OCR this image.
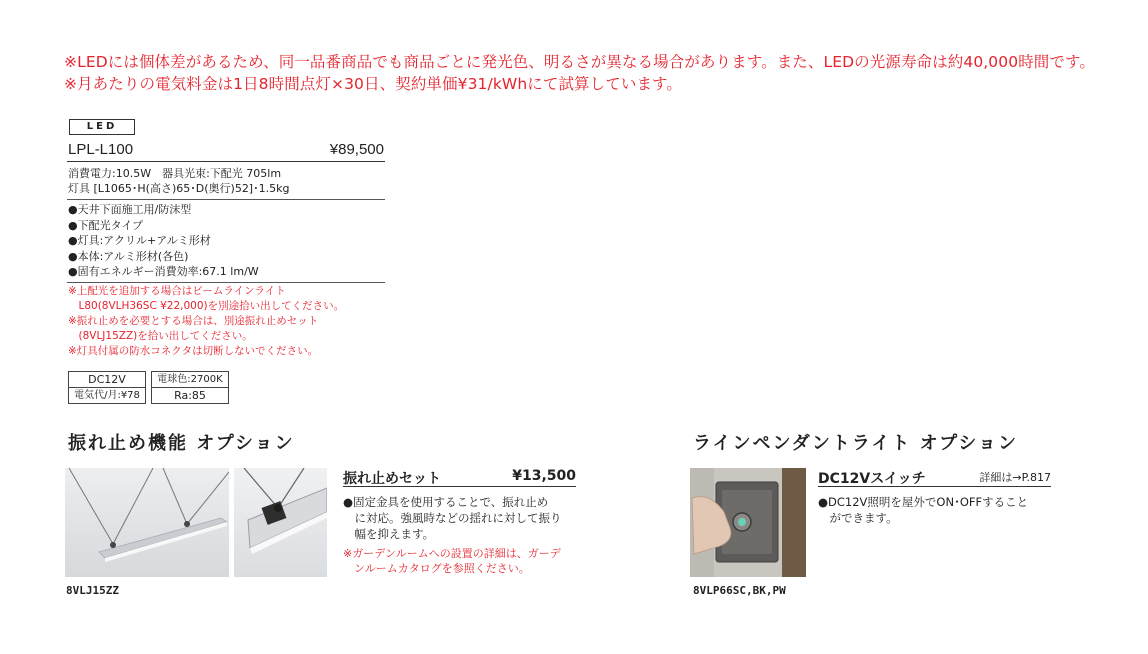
※LEDには個体差があるため、同一品番商品でも商品ごとに発光色、明るさが異なる場合があります。また、LEDの光源寿命は約40,000時間です。
※月あたりの電気料金は1日8時間点灯×30日、契約単価¥31/kWhにて試算しています。
LED
LPL-L100	¥89,500
消費電力:10.5W　器具光束:下配光 705lm
灯具 [L1065･H(高さ)65･D(奥行)52]･1.5kg
●天井下面施工用/防沫型
●下配光タイプ
●灯具:アクリル+アルミ形材
●本体:アルミ形材(各色)
●固有エネルギー消費効率:67.1 lm/W
※上配光を追加する場合はビームラインライト
　L80(8VLH36SC ¥22,000)を別途拾い出してください。
※振れ止めを必要とする場合は、別途振れ止めセット
　(8VLJ15ZZ)を拾い出してください。
※灯具付属の防水コネクタは切断しないでください。
DC12V	電球色:2700K
電気代/月:¥78	Ra:85
振れ止め機能 オプション
8VLJ15ZZ
振れ止めセット	¥13,500
●固定金具を使用することで、振れ止め
　に対応。強風時などの揺れに対して振り
　幅を抑えます。
※ガーデンルームへの設置の詳細は、ガーデ
　ンルームカタログを参照ください。
ラインペンダントライト オプション
8VLP66SC,BK,PW
DC12Vスイッチ	詳細は→P.817
●DC12V照明を屋外でON･OFFすること
　ができます。
